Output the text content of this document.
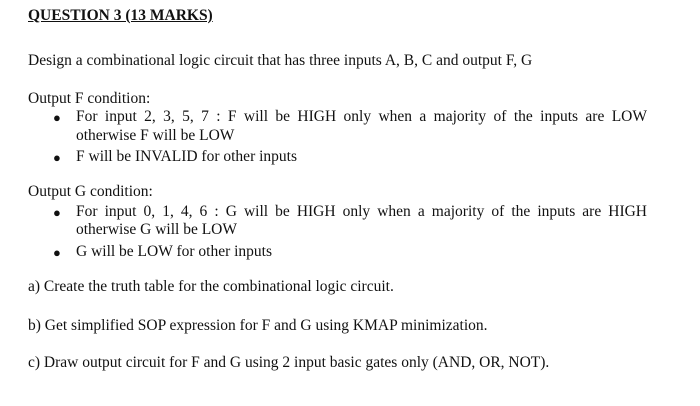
QUESTION 3 (13 MARKS)
Design a combinational logic circuit that has three inputs A, B, C and output F, G
Output F condition:
● For input 2, 3, 5, 7 : F will be HIGH only when a majority of the inputs are LOW
otherwise F will be LOW
● F will be INVALID for other inputs
Output G condition:
● For input 0, 1, 4, 6 : G will be HIGH only when a majority of the inputs are HIGH
otherwise G will be LOW
● G will be LOW for other inputs
a) Create the truth table for the combinational logic circuit.
b) Get simplified SOP expression for F and G using KMAP minimization.
c) Draw output circuit for F and G using 2 input basic gates only (AND, OR, NOT).
